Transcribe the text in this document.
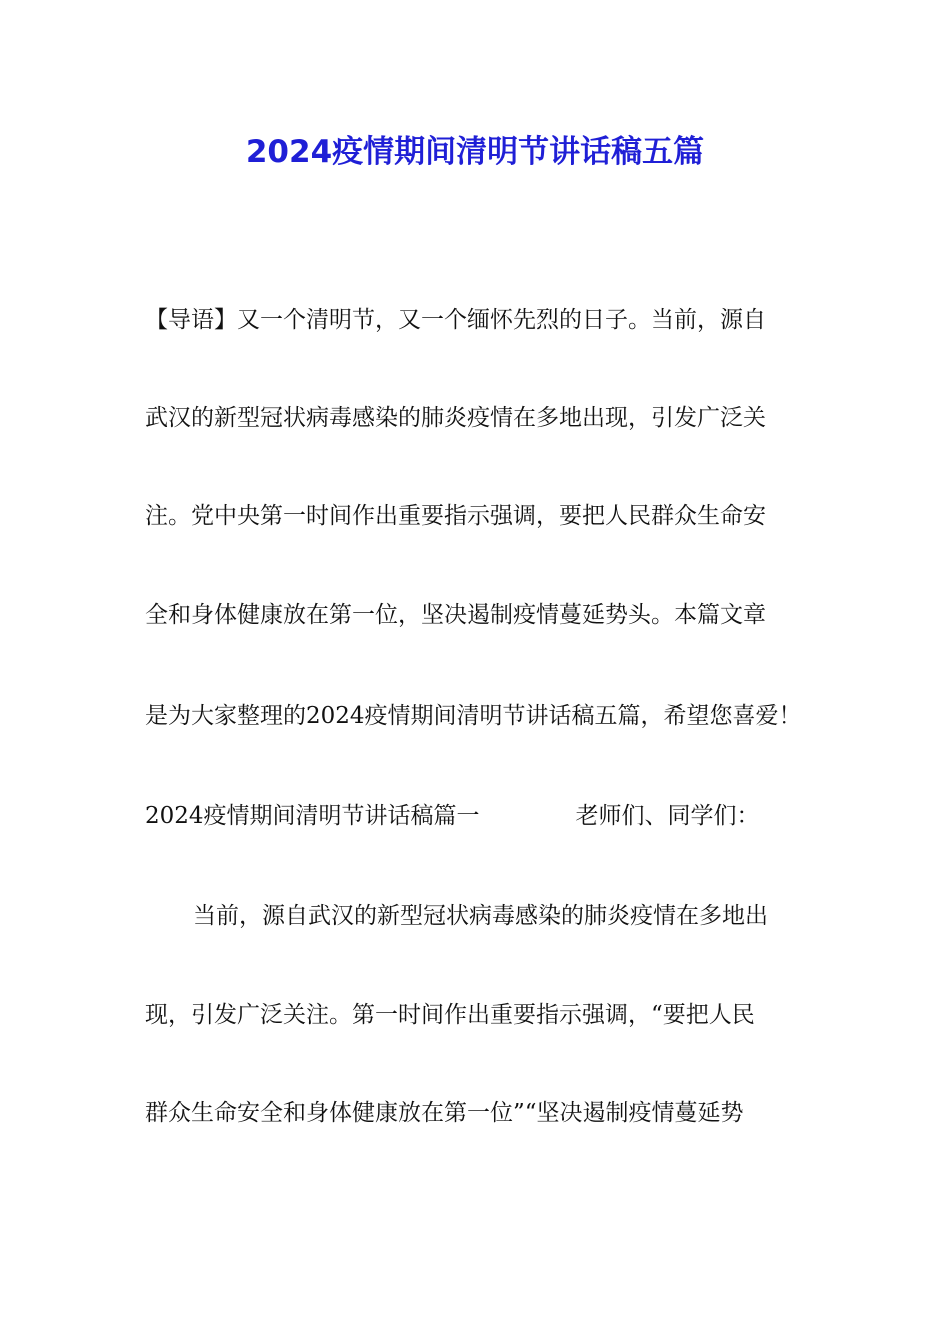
2024疫情期间清明节讲话稿五篇
【导语】又一个清明节，又一个缅怀先烈的日子。当前，源自
武汉的新型冠状病毒感染的肺炎疫情在多地出现，引发广泛关
注。党中央第一时间作出重要指示强调，要把人民群众生命安
全和身体健康放在第一位，坚决遏制疫情蔓延势头。本篇文章
是为大家整理的2024疫情期间清明节讲话稿五篇，希望您喜爱！
2024疫情期间清明节讲话稿篇一	老师们、同学们：
当前，源自武汉的新型冠状病毒感染的肺炎疫情在多地出
现，引发广泛关注。第一时间作出重要指示强调，“要把人民
群众生命安全和身体健康放在第一位”“坚决遏制疫情蔓延势
